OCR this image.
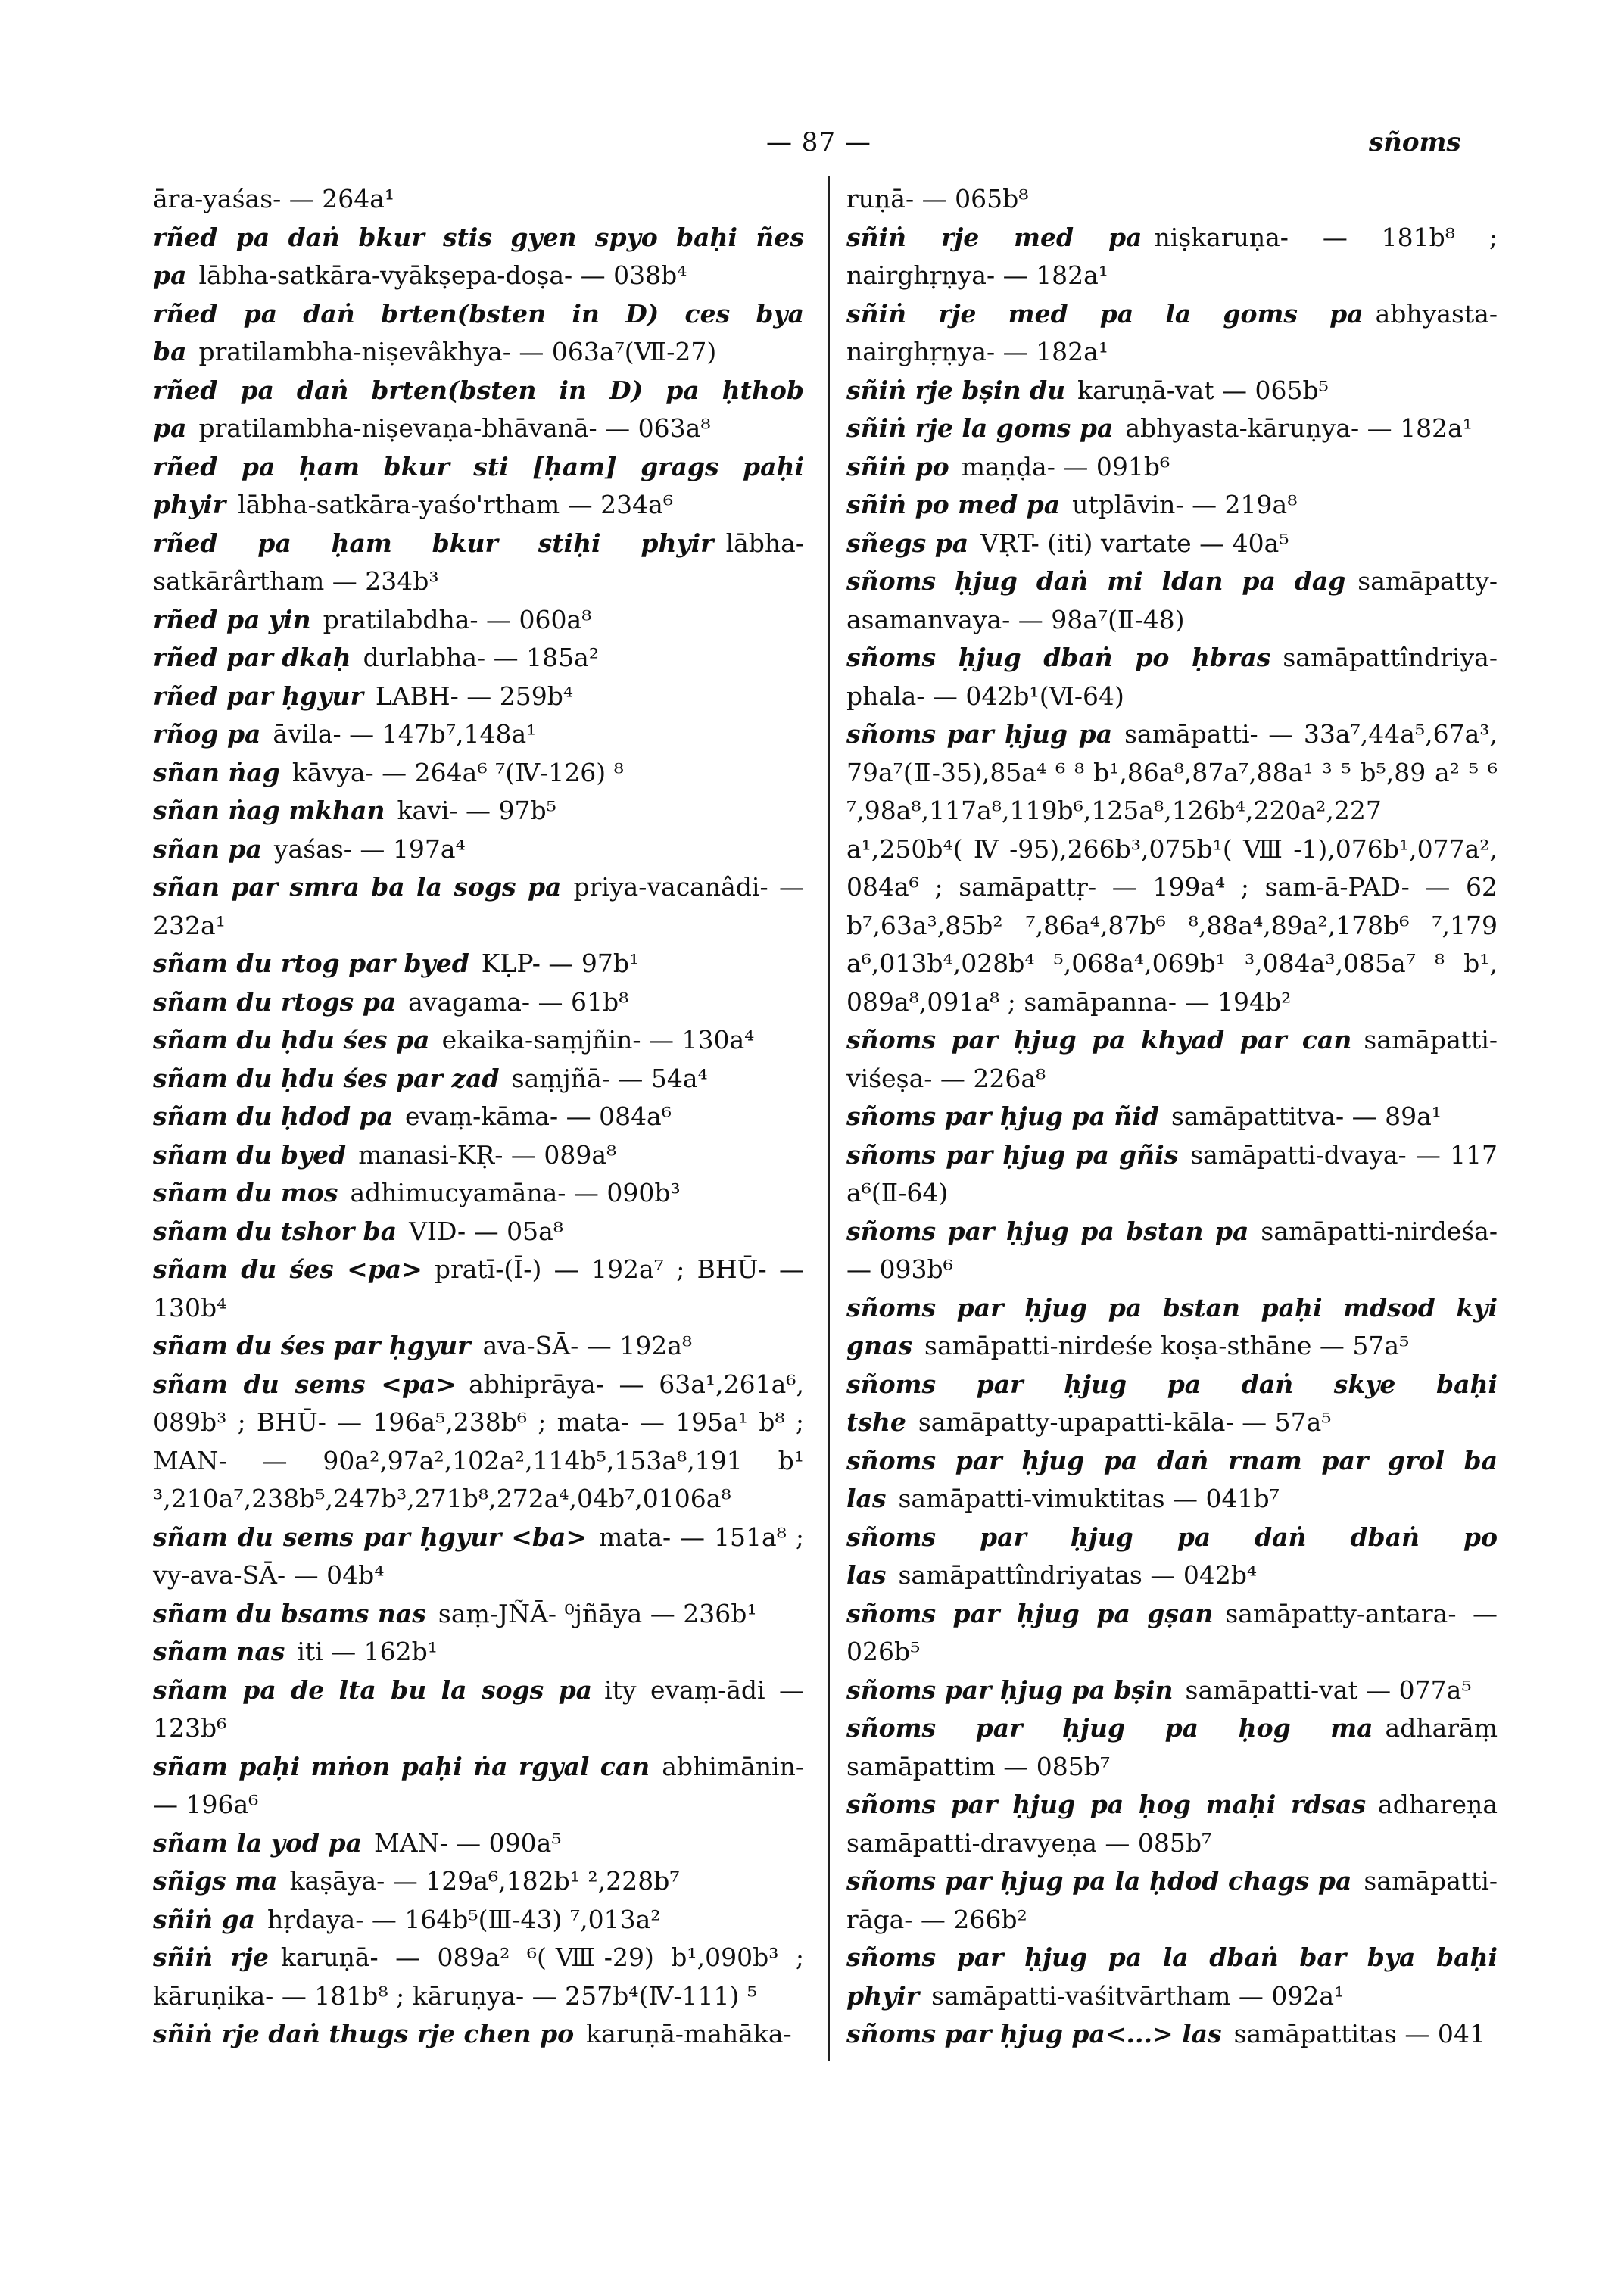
— 87 —	sñoms
āra-yaśas- — 264a¹
rñed pa daṅ bkur stis gyen spyo baḥi ñes pa lābha-satkāra-vyākṣepa-doṣa- — 038b⁴
rñed pa daṅ brten(bsten in D) ces bya ba pratilambha-niṣevâkhya- — 063a⁷(Ⅶ-27)
rñed pa daṅ brten(bsten in D) pa ḥthob pa pratilambha-niṣevaṇa-bhāvanā- — 063a⁸
rñed pa ḥam bkur sti [ḥam] grags paḥi phyir lābha-satkāra-yaśo'rtham — 234a⁶
rñed pa ḥam bkur stiḥi phyir lābha-satkārârtham — 234b³
rñed pa yin pratilabdha- — 060a⁸
rñed par dkaḥ durlabha- — 185a²
rñed par ḥgyur LABH- — 259b⁴
rñog pa āvila- — 147b⁷,148a¹
sñan ṅag kāvya- — 264a⁶ ⁷(Ⅳ-126) ⁸
sñan ṅag mkhan kavi- — 97b⁵
sñan pa yaśas- — 197a⁴
sñan par smra ba la sogs pa priya-vacanâdi- — 232a¹
sñam du rtog par byed KḶP- — 97b¹
sñam du rtogs pa avagama- — 61b⁸
sñam du ḥdu śes pa ekaika-saṃjñin- — 130a⁴
sñam du ḥdu śes par zad saṃjñā- — 54a⁴
sñam du ḥdod pa evaṃ-kāma- — 084a⁶
sñam du byed manasi-KṚ- — 089a⁸
sñam du mos adhimucyamāna- — 090b³
sñam du tshor ba VID- — 05a⁸
sñam du śes <pa> pratī-(Ī-) — 192a⁷ ; BHŪ- — 130b⁴
sñam du śes par ḥgyur ava-SĀ- — 192a⁸
sñam du sems <pa> abhiprāya- — 63a¹,261a⁶, 089b³ ; BHŪ- — 196a⁵,238b⁶ ; mata- — 195a¹ b⁸ ; MAN- — 90a²,97a²,102a²,114b⁵,153a⁸,191 b¹ ³,210a⁷,238b⁵,247b³,271b⁸,272a⁴,04b⁷,0106a⁸
sñam du sems par ḥgyur <ba> mata- — 151a⁸ ; vy-ava-SĀ- — 04b⁴
sñam du bsams nas saṃ-JÑĀ- ⁰jñāya — 236b¹
sñam nas iti — 162b¹
sñam pa de lta bu la sogs pa ity evaṃ-ādi — 123b⁶
sñam paḥi mṅon paḥi ṅa rgyal can abhimānin- — 196a⁶
sñam la yod pa MAN- — 090a⁵
sñigs ma kaṣāya- — 129a⁶,182b¹ ²,228b⁷
sñiṅ ga hṛdaya- — 164b⁵(Ⅲ-43) ⁷,013a²
sñiṅ rje karuṇā- — 089a² ⁶(Ⅷ-29) b¹,090b³ ; kāruṇika- — 181b⁸ ; kāruṇya- — 257b⁴(Ⅳ-111) ⁵
sñiṅ rje daṅ thugs rje chen po karuṇā-mahāka-
ruṇā- — 065b⁸
sñiṅ rje med pa niṣkaruṇa- — 181b⁸ ; nairghṛṇya- — 182a¹
sñiṅ rje med pa la goms pa abhyasta-nairghṛṇya- — 182a¹
sñiṅ rje bṣin du karuṇā-vat — 065b⁵
sñiṅ rje la goms pa abhyasta-kāruṇya- — 182a¹
sñiṅ po maṇḍa- — 091b⁶
sñiṅ po med pa utplāvin- — 219a⁸
sñegs pa VṚT- (iti) vartate — 40a⁵
sñoms ḥjug daṅ mi ldan pa dag samāpatty-asamanvaya- — 98a⁷(Ⅱ-48)
sñoms ḥjug dbaṅ po ḥbras samāpattîndriya-phala- — 042b¹(Ⅵ-64)
sñoms par ḥjug pa samāpatti- — 33a⁷,44a⁵,67a³, 79a⁷(Ⅱ-35),85a⁴ ⁶ ⁸ b¹,86a⁸,87a⁷,88a¹ ³ ⁵ b⁵,89 a² ⁵ ⁶ ⁷,98a⁸,117a⁸,119b⁶,125a⁸,126b⁴,220a²,227 a¹,250b⁴(Ⅳ-95),266b³,075b¹(Ⅷ-1),076b¹,077a², 084a⁶ ; samāpattṛ- — 199a⁴ ; sam-ā-PAD- — 62 b⁷,63a³,85b² ⁷,86a⁴,87b⁶ ⁸,88a⁴,89a²,178b⁶ ⁷,179 a⁶,013b⁴,028b⁴ ⁵,068a⁴,069b¹ ³,084a³,085a⁷ ⁸ b¹, 089a⁸,091a⁸ ; samāpanna- — 194b²
sñoms par ḥjug pa khyad par can samāpatti-viśeṣa- — 226a⁸
sñoms par ḥjug pa ñid samāpattitva- — 89a¹
sñoms par ḥjug pa gñis samāpatti-dvaya- — 117 a⁶(Ⅱ-64)
sñoms par ḥjug pa bstan pa samāpatti-nirdeśa- — 093b⁶
sñoms par ḥjug pa bstan paḥi mdsod kyi gnas samāpatti-nirdeśe koṣa-sthāne — 57a⁵
sñoms par ḥjug pa daṅ skye baḥi tshe samāpatty-upapatti-kāla- — 57a⁵
sñoms par ḥjug pa daṅ rnam par grol ba las samāpatti-vimuktitas — 041b⁷
sñoms par ḥjug pa daṅ dbaṅ po las samāpattîndriyatas — 042b⁴
sñoms par ḥjug pa gṣan samāpatty-antara- — 026b⁵
sñoms par ḥjug pa bṣin samāpatti-vat — 077a⁵
sñoms par ḥjug pa ḥog ma adharāṃ samāpattim — 085b⁷
sñoms par ḥjug pa ḥog maḥi rdsas adhareṇa samāpatti-dravyeṇa — 085b⁷
sñoms par ḥjug pa la ḥdod chags pa samāpatti-rāga- — 266b²
sñoms par ḥjug pa la dbaṅ bar bya baḥi phyir samāpatti-vaśitvārtham — 092a¹
sñoms par ḥjug pa<...> las samāpattitas — 041
